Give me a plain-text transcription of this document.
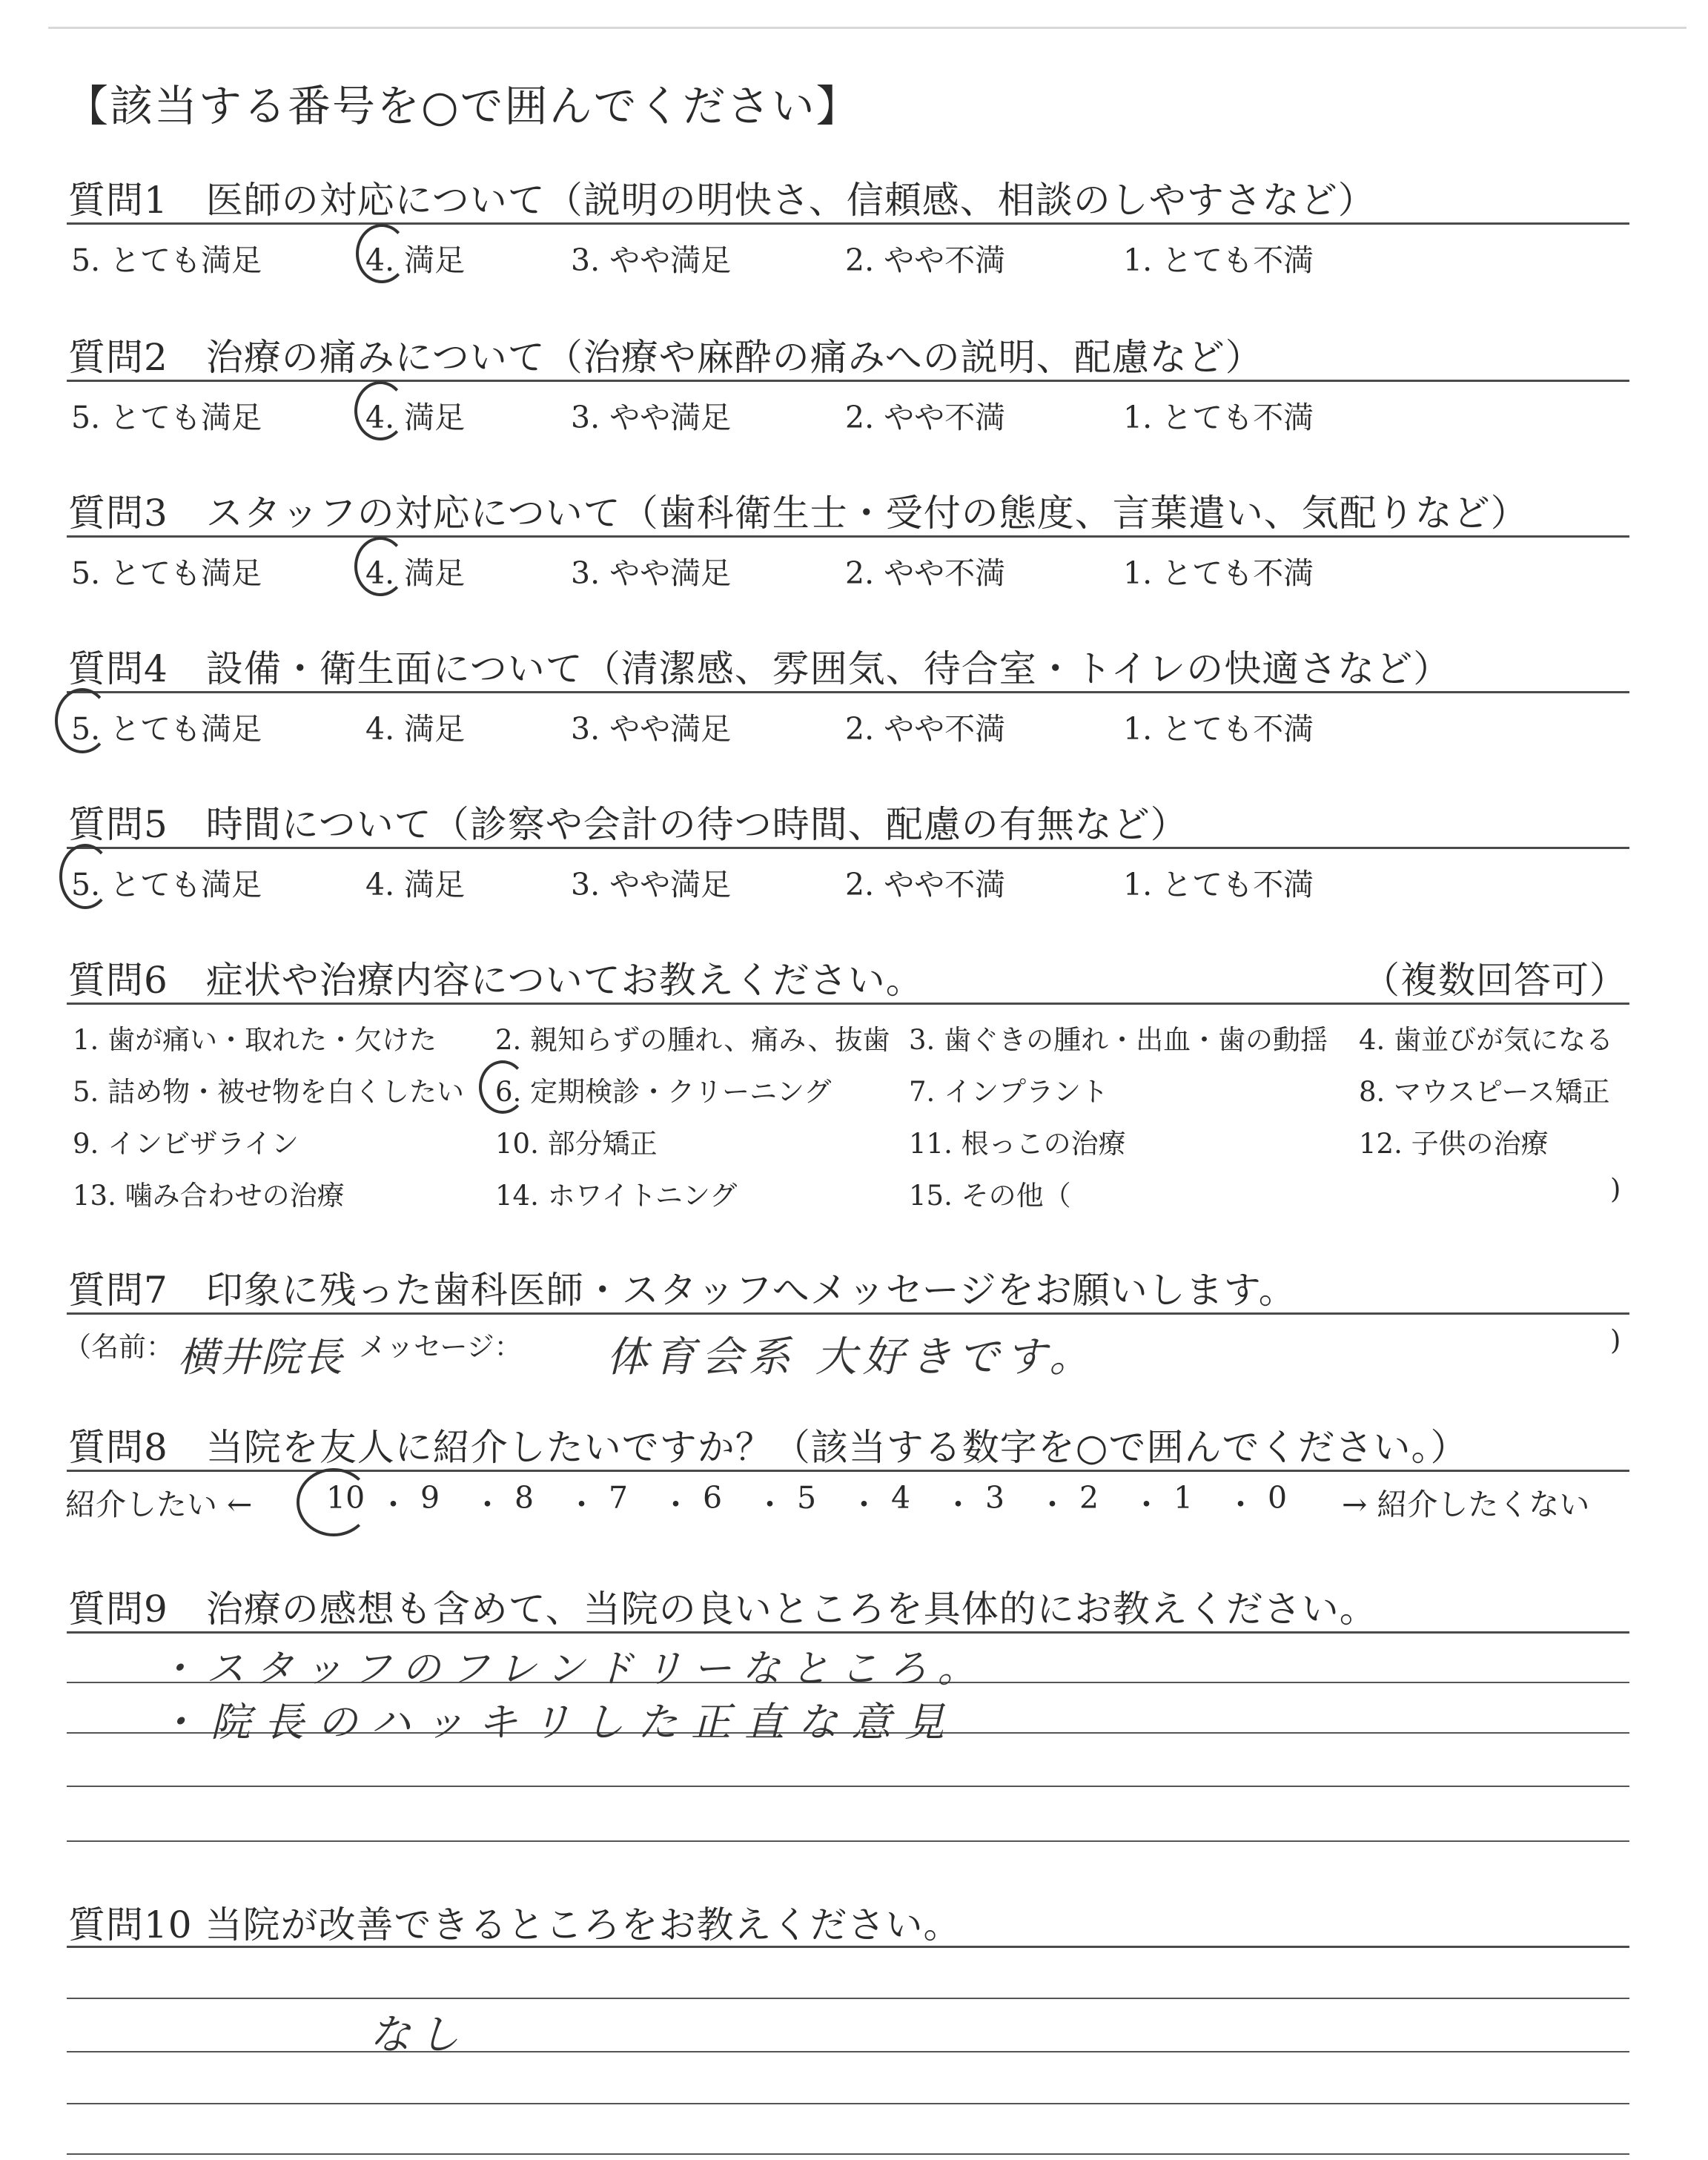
【該当する番号を○で囲んでください】
質問1　医師の対応について（説明の明快さ、信頼感、相談のしやすさなど）
5. とても満足	4. 満足	3. やや満足	2. やや不満	1. とても不満
質問2　治療の痛みについて（治療や麻酔の痛みへの説明、配慮など）
5. とても満足	4. 満足	3. やや満足	2. やや不満	1. とても不満
質問3　スタッフの対応について（歯科衛生士・受付の態度、言葉遣い、気配りなど）
5. とても満足	4. 満足	3. やや満足	2. やや不満	1. とても不満
質問4　設備・衛生面について（清潔感、雰囲気、待合室・トイレの快適さなど）
5. とても満足	4. 満足	3. やや満足	2. やや不満	1. とても不満
質問5　時間について（診察や会計の待つ時間、配慮の有無など）
5. とても満足	4. 満足	3. やや満足	2. やや不満	1. とても不満
質問6　症状や治療内容についてお教えください。	（複数回答可）
1. 歯が痛い・取れた・欠けた 2. 親知らずの腫れ、痛み、抜歯 3. 歯ぐきの腫れ・出血・歯の動揺 4. 歯並びが気になる
5. 詰め物・被せ物を白くしたい 6. 定期検診・クリーニング	7. インプラント	8. マウスピース矯正
9. インビザライン	10. 部分矯正	11. 根っこの治療	12. 子供の治療
13. 噛み合わせの治療	14. ホワイトニング	15. その他（	)
質問7　印象に残った歯科医師・スタッフへメッセージをお願いします。
（名前： 横井院長 メッセージ： 体育会系 大好きです。	)
質問8　当院を友人に紹介したいですか？（該当する数字を○で囲んでください。）
紹介したい ←	→ 紹介したくない
10 ・ 9 ・ 8 ・ 7 ・ 6 ・ 5 ・ 4 ・ 3 ・ 2 ・ 1 ・ 0
質問9　治療の感想も含めて、当院の良いところを具体的にお教えください。
・スタッフのフレンドリーなところ。
・院長のハッキリした正直な意見
質問10 当院が改善できるところをお教えください。
なし
